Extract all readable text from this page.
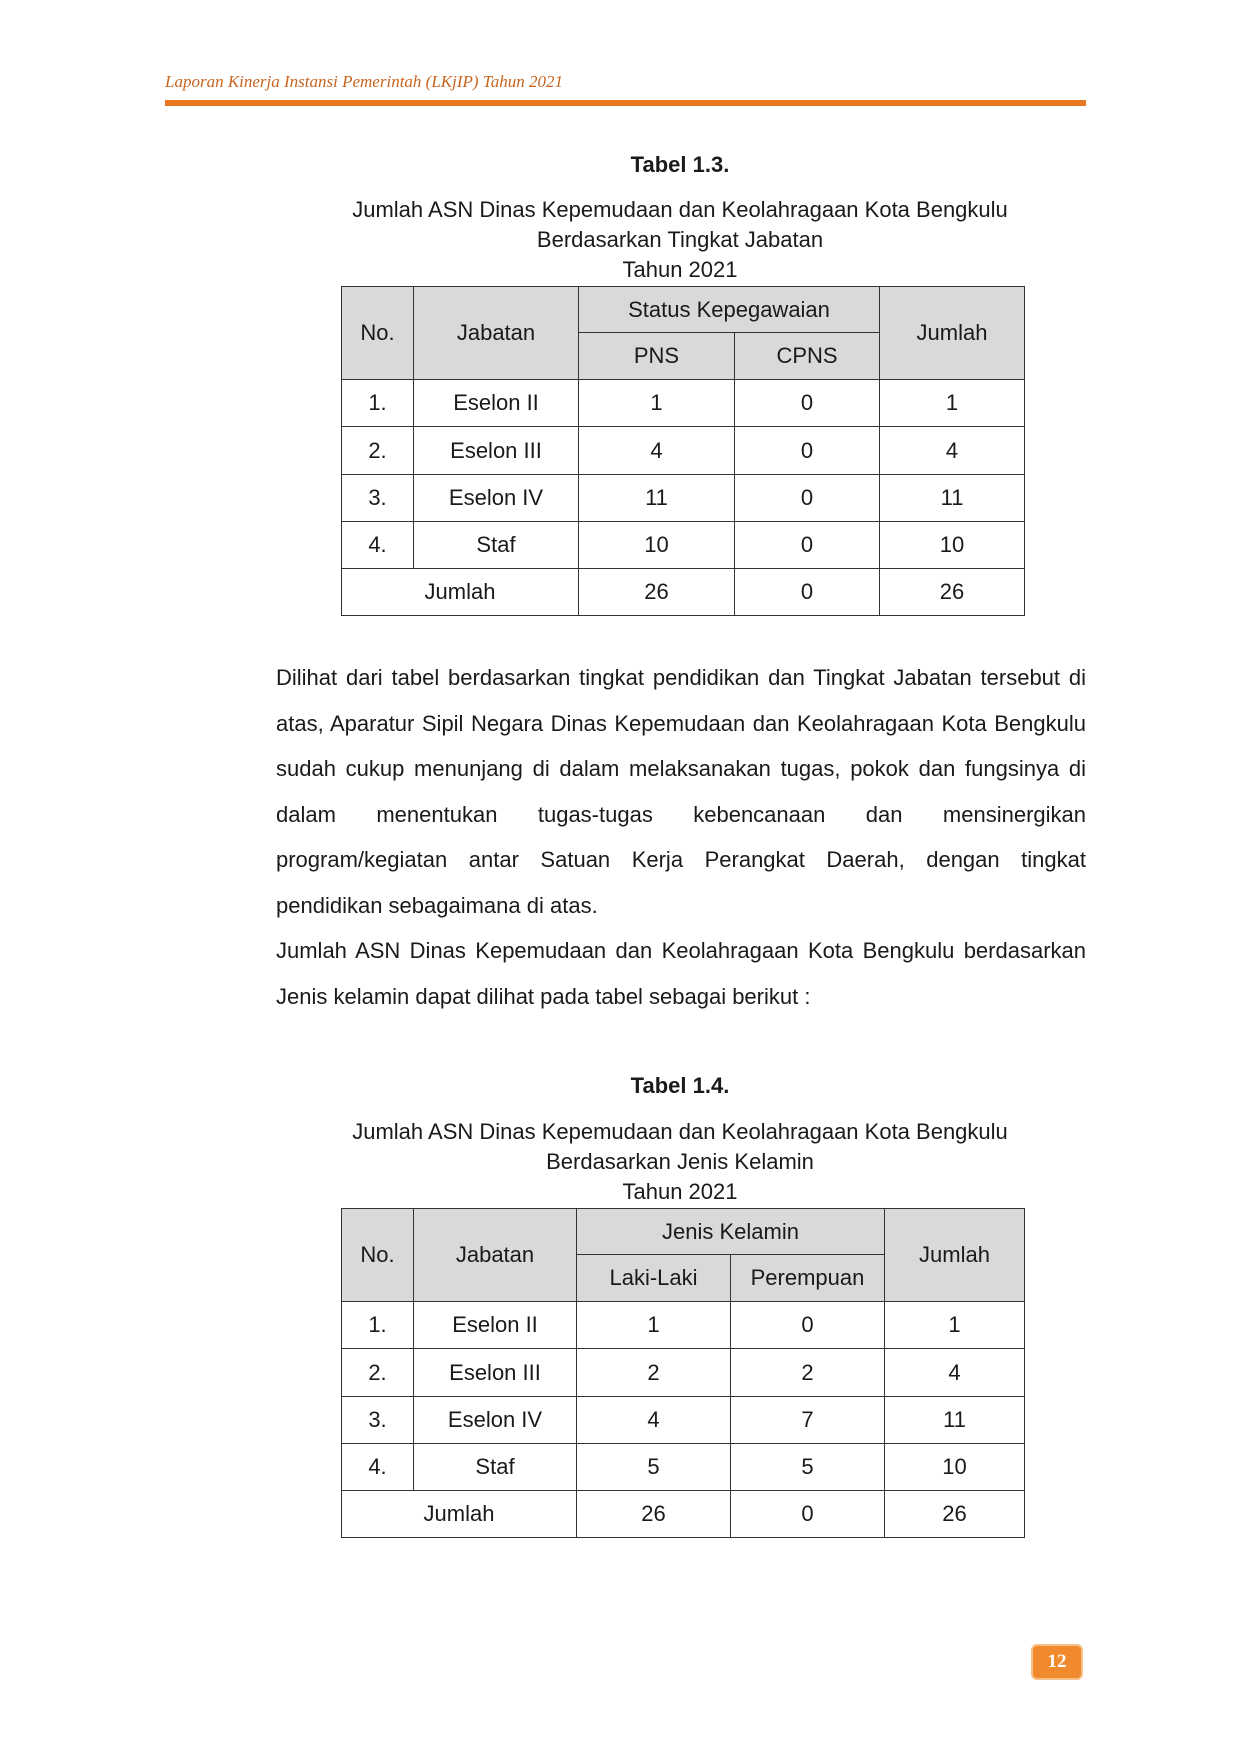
Laporan Kinerja Instansi Pemerintah (LKjIP) Tahun 2021
Tabel 1.3.
Jumlah ASN Dinas Kepemudaan dan Keolahragaan Kota Bengkulu
Berdasarkan Tingkat Jabatan
Tahun 2021
No.	Jabatan	Status Kepegawaian		Jumlah
		PNS	CPNS	
1.	Eselon II	1	0	1
2.	Eselon III	4	0	4
3.	Eselon IV	11	0	11
4.	Staf	10	0	10
Jumlah		26	0	26

Dilihat dari tabel berdasarkan tingkat pendidikan dan Tingkat Jabatan tersebut di atas, Aparatur Sipil Negara Dinas Kepemudaan dan Keolahragaan Kota Bengkulu sudah cukup menunjang di dalam melaksanakan tugas, pokok dan fungsinya di dalam menentukan tugas-tugas kebencanaan dan mensinergikan program/kegiatan antar Satuan Kerja Perangkat Daerah, dengan tingkat pendidikan sebagaimana di atas.

Jumlah ASN Dinas Kepemudaan dan Keolahragaan Kota Bengkulu berdasarkan Jenis kelamin dapat dilihat pada tabel sebagai berikut :

Tabel 1.4.
Jumlah ASN Dinas Kepemudaan dan Keolahragaan Kota Bengkulu
Berdasarkan Jenis Kelamin
Tahun 2021
No.	Jabatan	Jenis Kelamin		Jumlah
		Laki-Laki	Perempuan	
1.	Eselon II	1	0	1
2.	Eselon III	2	2	4
3.	Eselon IV	4	7	11
4.	Staf	5	5	10
Jumlah		26	0	26
12
